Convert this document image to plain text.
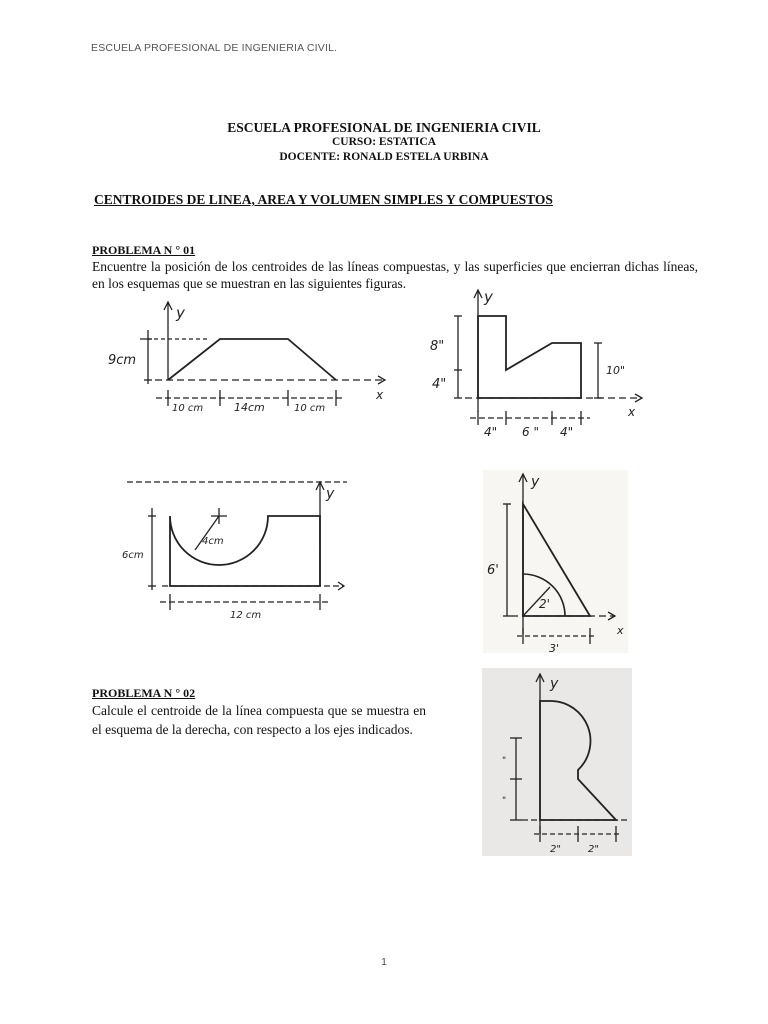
ESCUELA PROFESIONAL DE INGENIERIA CIVIL.
ESCUELA PROFESIONAL DE INGENIERIA CIVIL
CURSO: ESTATICA
DOCENTE: RONALD ESTELA URBINA
CENTROIDES DE LINEA, AREA Y VOLUMEN SIMPLES Y COMPUESTOS
PROBLEMA N ° 01
Encuentre la posición de los centroides de las líneas compuestas, y las superficies que encierran dichas líneas, en los esquemas que se muestran en las siguientes figuras.
y
x
9cm
10 cm	14cm	10 cm
y
x
8"
4"
10"
4" 6 " 4"
y
4cm
6cm
12 cm
y
x
6'
2'
3'
PROBLEMA N ° 02
Calcule el centroide de la línea compuesta que se muestra en el esquema de la derecha, con respecto a los ejes indicados.
y
"
"
2"	2"
1
